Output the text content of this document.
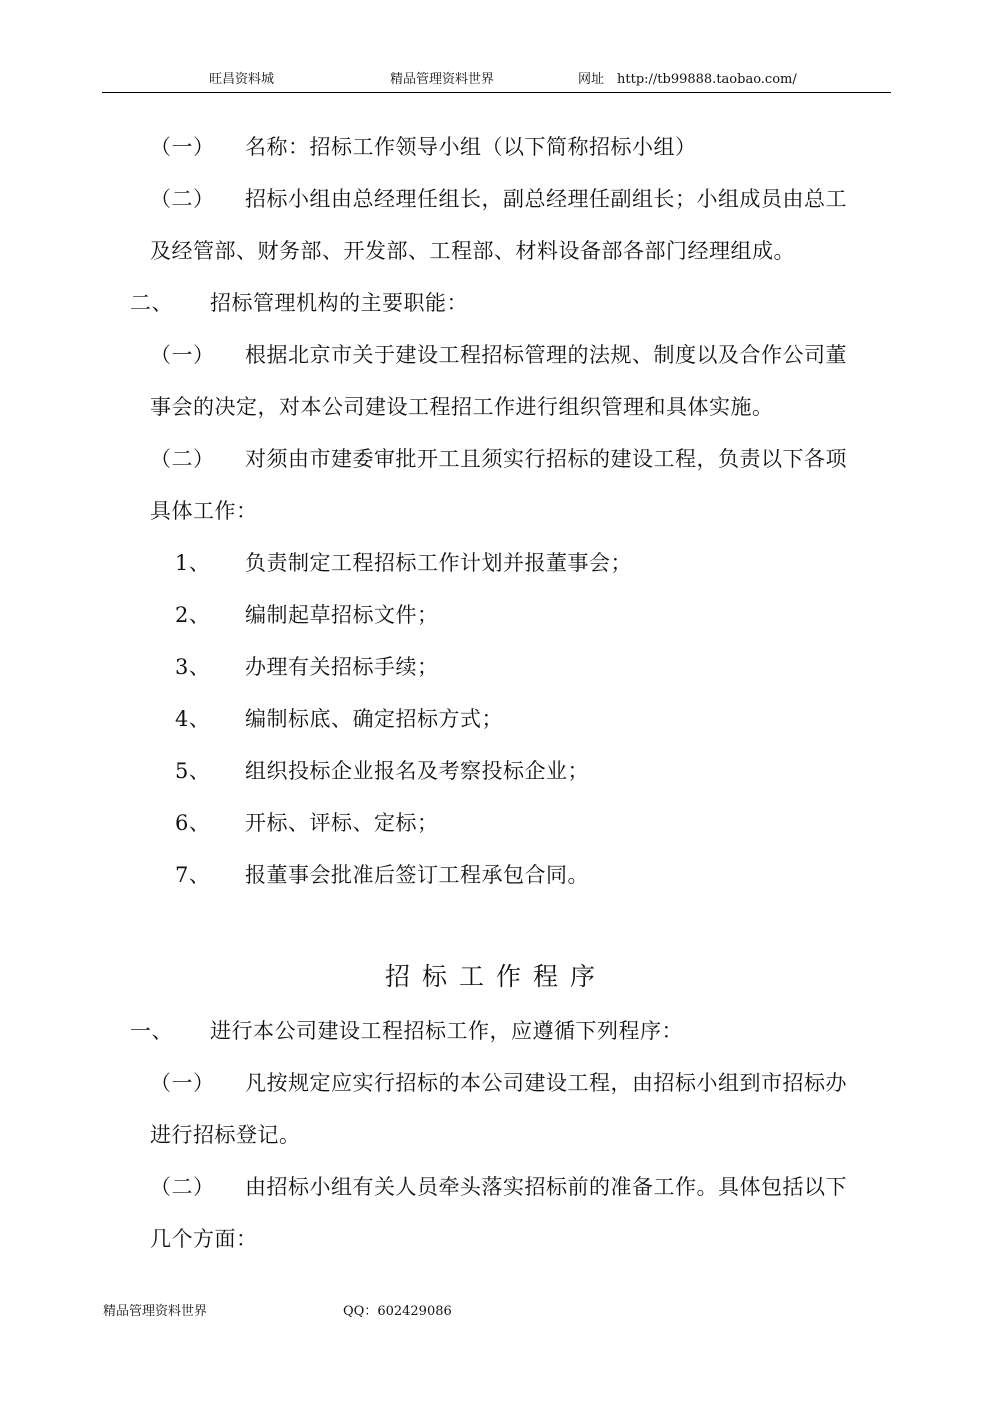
旺昌资料城	精品管理资料世界	网址　http://tb99888.taobao.com/
（一） 名称：招标工作领导小组（以下简称招标小组）
（二） 招标小组由总经理任组长，副总经理任副组长；小组成员由总工
及经管部、财务部、开发部、工程部、材料设备部各部门经理组成。
二、 招标管理机构的主要职能：
（一） 根据北京市关于建设工程招标管理的法规、制度以及合作公司董
事会的决定，对本公司建设工程招工作进行组织管理和具体实施。
（二） 对须由市建委审批开工且须实行招标的建设工程，负责以下各项
具体工作：
1、 负责制定工程招标工作计划并报董事会；
2、 编制起草招标文件；
3、 办理有关招标手续；
4、 编制标底、确定招标方式；
5、 组织投标企业报名及考察投标企业；
6、 开标、评标、定标；
7、 报董事会批准后签订工程承包合同。
招标工作程序
一、 进行本公司建设工程招标工作，应遵循下列程序：
（一） 凡按规定应实行招标的本公司建设工程，由招标小组到市招标办
进行招标登记。
（二） 由招标小组有关人员牵头落实招标前的准备工作。具体包括以下
几个方面：
精品管理资料世界	QQ：602429086
